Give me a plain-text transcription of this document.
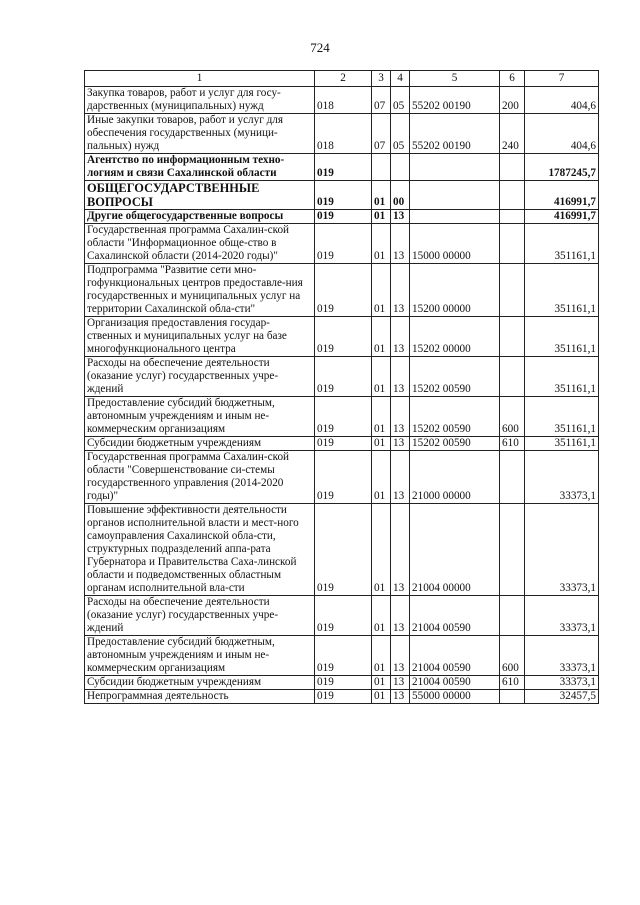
724
1	2	3	4	5	6	7
Закупка товаров, работ и услуг для госу-дарственных (муниципальных) нужд	018	07	05	55202 00190	200	404,6
Иные закупки товаров, работ и услуг для обеспечения государственных (муници-пальных) нужд	018	07	05	55202 00190	240	404,6
Агентство по информационным техно-логиям и связи Сахалинской области	019					1787245,7
ОБЩЕГОСУДАРСТВЕННЫЕ ВОПРОСЫ	019	01	00			416991,7
Другие общегосударственные вопросы	019	01	13			416991,7
Государственная программа Сахалин-ской области "Информационное обще-ство в Сахалинской области (2014-2020 годы)"	019	01	13	15000 00000		351161,1
Подпрограмма "Развитие сети мно-гофункциональных центров предоставле-ния государственных и муниципальных услуг на территории Сахалинской обла-сти"	019	01	13	15200 00000		351161,1
Организация предоставления государ-ственных и муниципальных услуг на базе многофункционального центра	019	01	13	15202 00000		351161,1
Расходы на обеспечение деятельности (оказание услуг) государственных учре-ждений	019	01	13	15202 00590		351161,1
Предоставление субсидий бюджетным, автономным учреждениям и иным не-коммерческим организациям	019	01	13	15202 00590	600	351161,1
Субсидии бюджетным учреждениям	019	01	13	15202 00590	610	351161,1
Государственная программа Сахалин-ской области "Совершенствование си-стемы государственного управления (2014-2020 годы)"	019	01	13	21000 00000		33373,1
Повышение эффективности деятельности органов исполнительной власти и мест-ного самоуправления Сахалинской обла-сти, структурных подразделений аппа-рата Губернатора и Правительства Саха-линской области и подведомственных областным органам исполнительной вла-сти	019	01	13	21004 00000		33373,1
Расходы на обеспечение деятельности (оказание услуг) государственных учре-ждений	019	01	13	21004 00590		33373,1
Предоставление субсидий бюджетным, автономным учреждениям и иным не-коммерческим организациям	019	01	13	21004 00590	600	33373,1
Субсидии бюджетным учреждениям	019	01	13	21004 00590	610	33373,1
Непрограммная деятельность	019	01	13	55000 00000		32457,5
